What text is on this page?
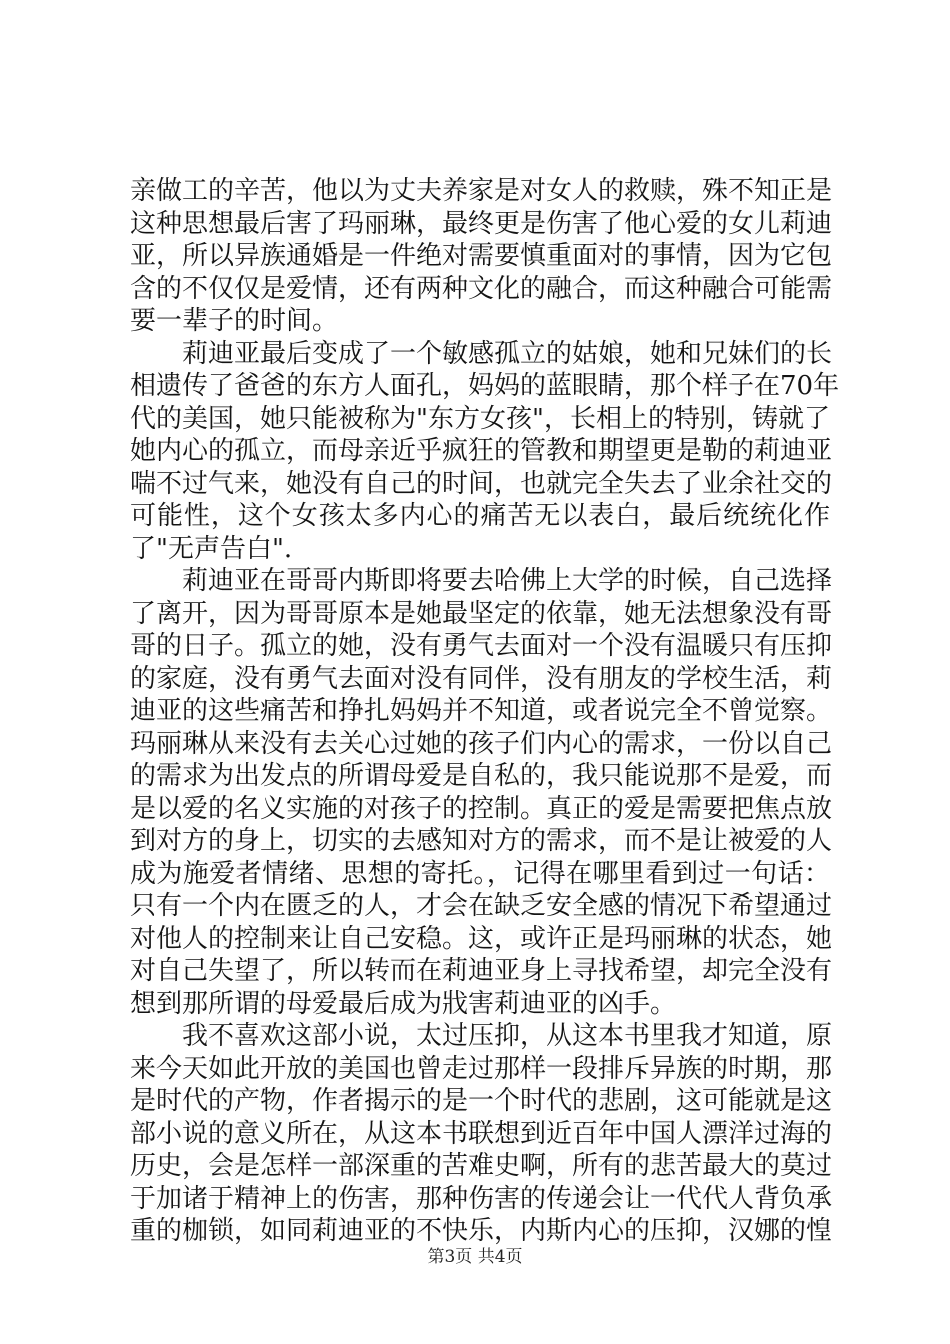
亲做工的辛苦，他以为丈夫养家是对女人的救赎，殊不知正是
这种思想最后害了玛丽琳，最终更是伤害了他心爱的女儿莉迪
亚，所以异族通婚是一件绝对需要慎重面对的事情，因为它包
含的不仅仅是爱情，还有两种文化的融合，而这种融合可能需
要一辈子的时间。
　　莉迪亚最后变成了一个敏感孤立的姑娘，她和兄妹们的长
相遗传了爸爸的东方人面孔，妈妈的蓝眼睛，那个样子在70年
代的美国，她只能被称为"东方女孩"，长相上的特别，铸就了
她内心的孤立，而母亲近乎疯狂的管教和期望更是勒的莉迪亚
喘不过气来，她没有自己的时间，也就完全失去了业余社交的
可能性，这个女孩太多内心的痛苦无以表白，最后统统化作
了"无声告白".
　　莉迪亚在哥哥内斯即将要去哈佛上大学的时候，自己选择
了离开，因为哥哥原本是她最坚定的依靠，她无法想象没有哥
哥的日子。孤立的她，没有勇气去面对一个没有温暖只有压抑
的家庭，没有勇气去面对没有同伴，没有朋友的学校生活，莉
迪亚的这些痛苦和挣扎妈妈并不知道，或者说完全不曾觉察。
玛丽琳从来没有去关心过她的孩子们内心的需求，一份以自己
的需求为出发点的所谓母爱是自私的，我只能说那不是爱，而
是以爱的名义实施的对孩子的控制。真正的爱是需要把焦点放
到对方的身上，切实的去感知对方的需求，而不是让被爱的人
成为施爱者情绪、思想的寄托。，记得在哪里看到过一句话：
只有一个内在匮乏的人，才会在缺乏安全感的情况下希望通过
对他人的控制来让自己安稳。这，或许正是玛丽琳的状态，她
对自己失望了，所以转而在莉迪亚身上寻找希望，却完全没有
想到那所谓的母爱最后成为戕害莉迪亚的凶手。
　　我不喜欢这部小说，太过压抑，从这本书里我才知道，原
来今天如此开放的美国也曾走过那样一段排斥异族的时期，那
是时代的产物，作者揭示的是一个时代的悲剧，这可能就是这
部小说的意义所在，从这本书联想到近百年中国人漂洋过海的
历史，会是怎样一部深重的苦难史啊，所有的悲苦最大的莫过
于加诸于精神上的伤害，那种伤害的传递会让一代代人背负承
重的枷锁，如同莉迪亚的不快乐，内斯内心的压抑，汉娜的惶
第3页 共4页
